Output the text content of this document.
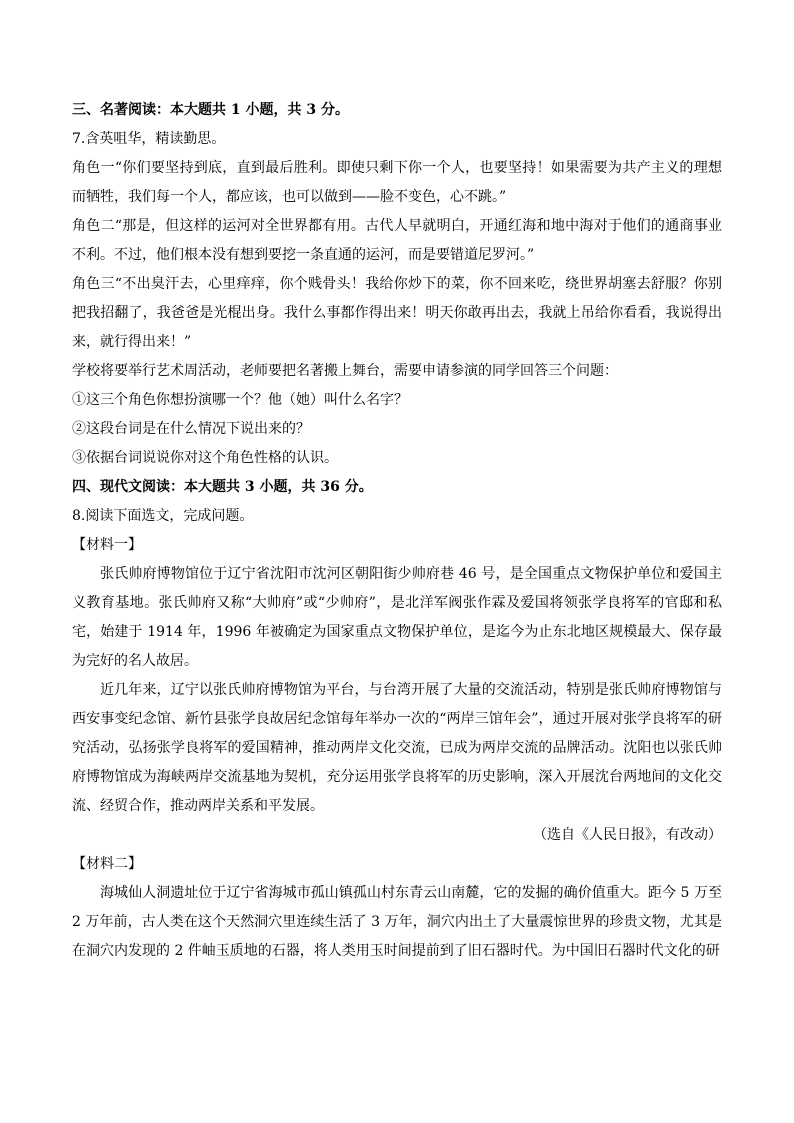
三、名著阅读：本大题共 1 小题，共 3 分。

7.含英咀华，精读勤思。

角色一“你们要坚持到底，直到最后胜利。即使只剩下你一个人，也要坚持！如果需要为共产主义的理想而牺牲，我们每一个人，都应该，也可以做到——脸不变色，心不跳。”

角色二“那是，但这样的运河对全世界都有用。古代人早就明白，开通红海和地中海对于他们的通商事业不利。不过，他们根本没有想到要挖一条直通的运河，而是要错道尼罗河。”

角色三“不出臭汗去，心里痒痒，你个贱骨头！我给你炒下的菜，你不回来吃，绕世界胡塞去舒服？你别把我招翻了，我爸爸是光棍出身。我什么事都作得出来！明天你敢再出去，我就上吊给你看看，我说得出来，就行得出来！”

学校将要举行艺术周活动，老师要把名著搬上舞台，需要申请参演的同学回答三个问题：

①这三个角色你想扮演哪一个？他（她）叫什么名字？

②这段台词是在什么情况下说出来的？

③依据台词说说你对这个角色性格的认识。

四、现代文阅读：本大题共 3 小题，共 36 分。

8.阅读下面选文，完成问题。

【材料一】

张氏帅府博物馆位于辽宁省沈阳市沈河区朝阳街少帅府巷 46 号，是全国重点文物保护单位和爱国主义教育基地。张氏帅府又称“大帅府”或“少帅府”，是北洋军阀张作霖及爱国将领张学良将军的官邸和私宅，始建于 1914 年，1996 年被确定为国家重点文物保护单位，是迄今为止东北地区规模最大、保存最为完好的名人故居。

近几年来，辽宁以张氏帅府博物馆为平台，与台湾开展了大量的交流活动，特别是张氏帅府博物馆与西安事变纪念馆、新竹县张学良故居纪念馆每年举办一次的“两岸三馆年会”，通过开展对张学良将军的研究活动，弘扬张学良将军的爱国精神，推动两岸文化交流，已成为两岸交流的品牌活动。沈阳也以张氏帅府博物馆成为海峡两岸交流基地为契机，充分运用张学良将军的历史影响，深入开展沈台两地间的文化交流、经贸合作，推动两岸关系和平发展。

（选自《人民日报》，有改动）

【材料二】

海城仙人洞遗址位于辽宁省海城市孤山镇孤山村东青云山南麓，它的发掘的确价值重大。距今 5 万至 2 万年前，古人类在这个天然洞穴里连续生活了 3 万年，洞穴内出土了大量震惊世界的珍贵文物，尤其是在洞穴内发现的 2 件岫玉质地的石器，将人类用玉时间提前到了旧石器时代。为中国旧石器时代文化的研
